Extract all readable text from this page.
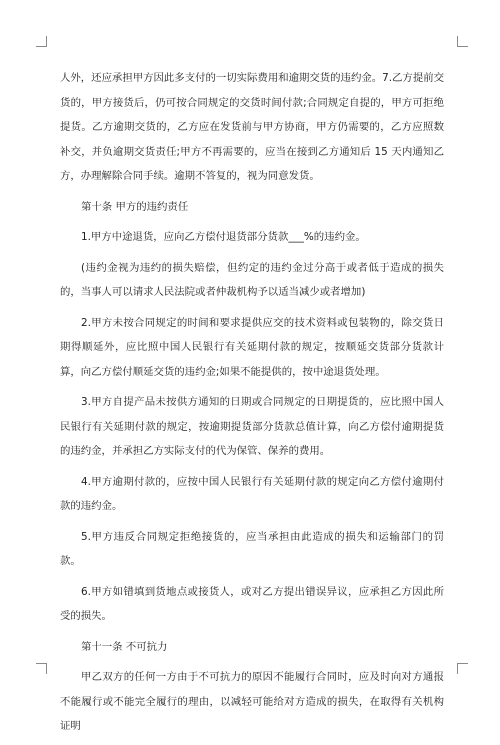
人外，还应承担甲方因此多支付的一切实际费用和逾期交货的违约金。7.乙方提前交货的，甲方接货后，仍可按合同规定的交货时间付款;合同规定自提的，甲方可拒绝提货。乙方逾期交货的，乙方应在发货前与甲方协商，甲方仍需要的，乙方应照数补交，并负逾期交货责任;甲方不再需要的，应当在接到乙方通知后 15 天内通知乙方，办理解除合同手续。逾期不答复的，视为同意发货。

第十条 甲方的违约责任

1.甲方中途退货，应向乙方偿付退货部分货款___%的违约金。

(违约金视为违约的损失赔偿，但约定的违约金过分高于或者低于造成的损失的，当事人可以请求人民法院或者仲裁机构予以适当减少或者增加)

2.甲方未按合同规定的时间和要求提供应交的技术资料或包装物的，除交货日期得顺延外，应比照中国人民银行有关延期付款的规定，按顺延交货部分货款计算，向乙方偿付顺延交货的违约金;如果不能提供的，按中途退货处理。

3.甲方自提产品未按供方通知的日期或合同规定的日期提货的，应比照中国人民银行有关延期付款的规定，按逾期提货部分货款总值计算，向乙方偿付逾期提货的违约金，并承担乙方实际支付的代为保管、保养的费用。

4.甲方逾期付款的，应按中国人民银行有关延期付款的规定向乙方偿付逾期付款的违约金。

5.甲方违反合同规定拒绝接货的，应当承担由此造成的损失和运输部门的罚款。

6.甲方如错填到货地点或接货人，或对乙方提出错误异议，应承担乙方因此所受的损失。

第十一条 不可抗力

甲乙双方的任何一方由于不可抗力的原因不能履行合同时，应及时向对方通报不能履行或不能完全履行的理由，以减轻可能给对方造成的损失，在取得有关机构证明
